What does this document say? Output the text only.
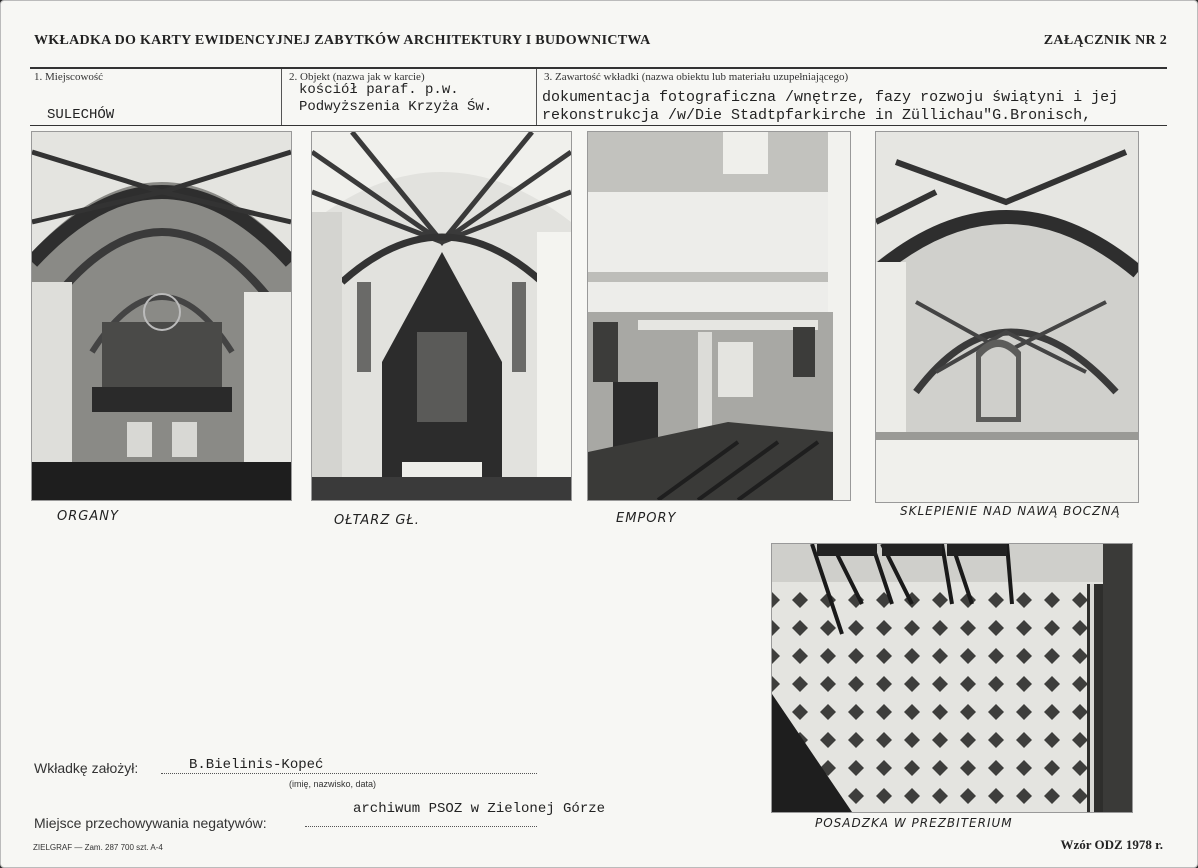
WKŁADKA DO KARTY EWIDENCYJNEJ ZABYTKÓW ARCHITEKTURY I BUDOWNICTWA	ZAŁĄCZNIK NR 2
1. Miejscowość
SULECHÓW
2. Objekt (nazwa jak w karcie)
kościół paraf. p.w.
Podwyższenia Krzyża Św.
3. Zawartość wkładki (nazwa obiektu lub materiału uzupełniającego)
dokumentacja fotograficzna /wnętrze, fazy rozwoju świątyni i jej
rekonstrukcja /w/Die Stadtpfarkirche in Züllichau"G.Bronisch,
ORGANY	OŁTARZ GŁ.	EMPORY	SKLEPIENIE NAD NAWĄ BOCZNĄ
POSADZKA W PREZBITERIUM
Wkładkę założył:	B.Bielinis-Kopeć
(imię, nazwisko, data)
Miejsce przechowywania negatywów:
archiwum PSOZ w Zielonej Górze
ZIELGRAF — Zam. 287 700 szt. A-4	Wzór ODZ 1978 r.
